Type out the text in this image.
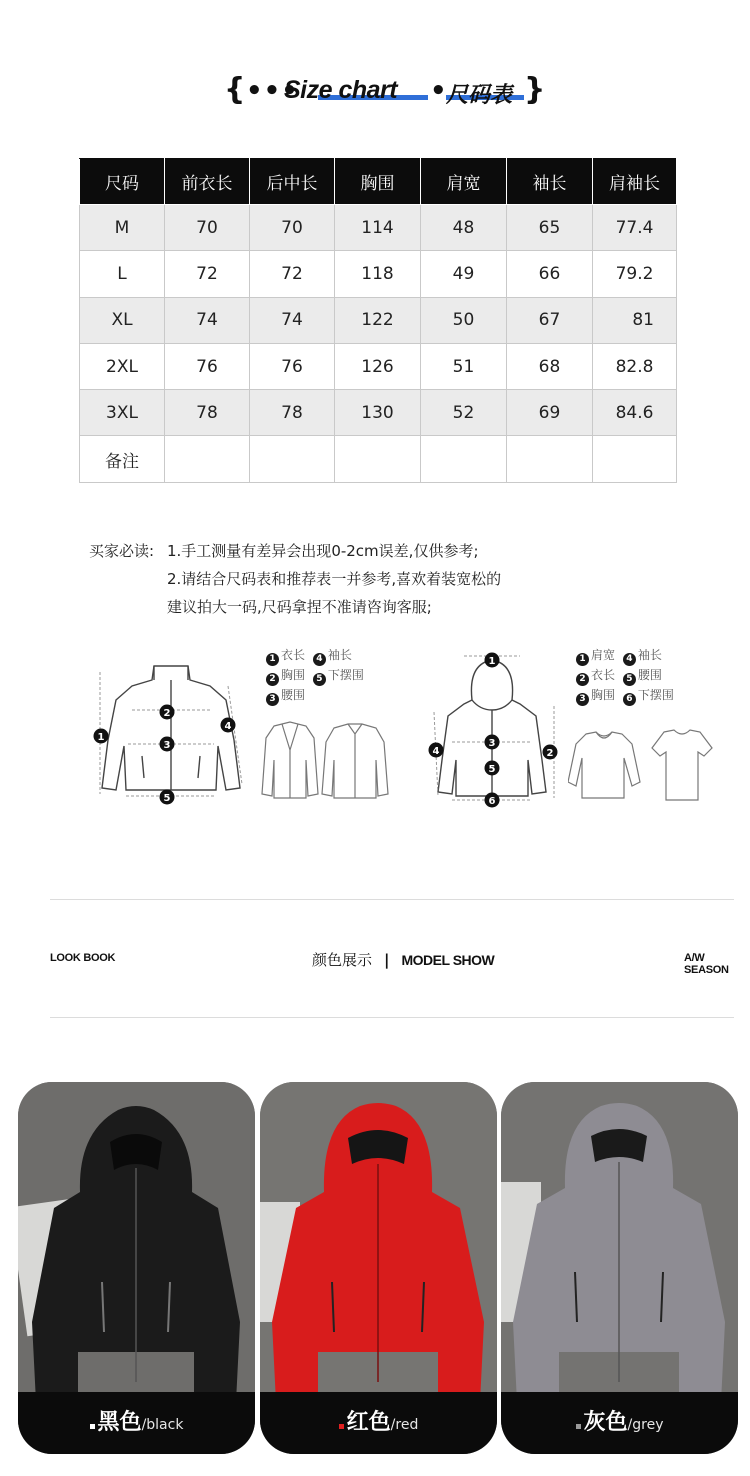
{ •••
Size chart • 尺码表 }
尺码	前衣长	后中长	胸围	肩宽	袖长	肩袖长
M	70	70	114	48	65	77.4
L	72	72	118	49	66	79.2
XL	74	74	122	50	67	81
2XL	76	76	126	51	68	82.8
3XL	78	78	130	52	69	84.6
备注						
买家必读: 1.手工测量有差异会出现0-2cm误差,仅供参考;
2.请结合尺码表和推荐表一并参考,喜欢着装宽松的
建议拍大一码,尺码拿捏不准请咨询客服;
1
2
3
4
5
1 衣长 4 袖长
2 胸围 5 下摆围
3 腰围
1
2
3
4
5
6
1 肩宽 4 袖长
2 衣长 5 腰围
3 胸围 6 下摆围
LOOK BOOK	颜色展示 | MODEL SHOW	A/W SEASON
黑色/black	红色/red	灰色/grey
